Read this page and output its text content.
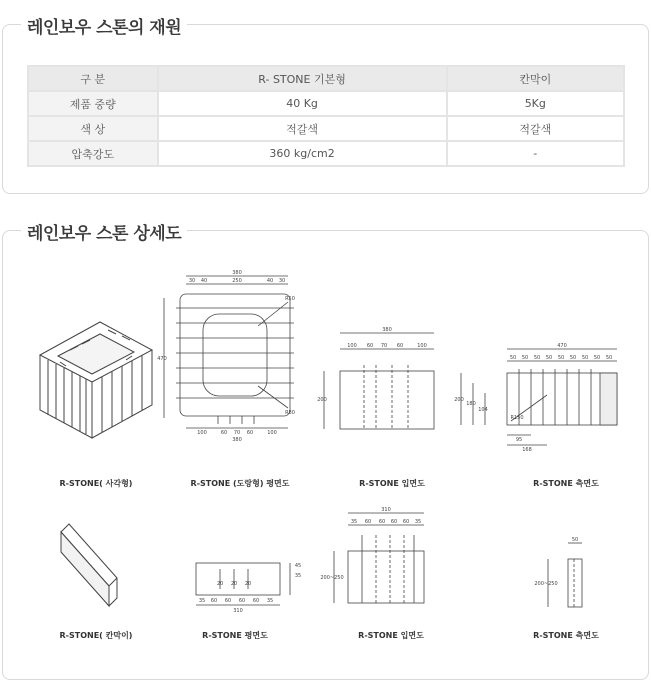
레인보우 스톤의 재원
구 분	R- STONE 기본형	칸막이
제품 중량	40 Kg	5Kg
색 상	적갈색	적갈색
압축강도	360 kg/cm2	-
레인보우 스톤 상세도
R-STONE( 사각형)
380
30 40	250	40 30
470
100	60 70 60	100
380
R50
R80
R-STONE (도랑형) 평면도
380
100 60 70 60	100
200
R-STONE 입면도
470
50 50 50 50 50 50 50 50 50
200
180
104
R150
95
168
R-STONE 측면도
R-STONE( 칸막이)
45
35
20 20 20
35 60 60 60 60 35
310
R-STONE 평면도
310
35 60 60 60 60 35
200~250
R-STONE 입면도
50
200~250
R-STONE 측면도
